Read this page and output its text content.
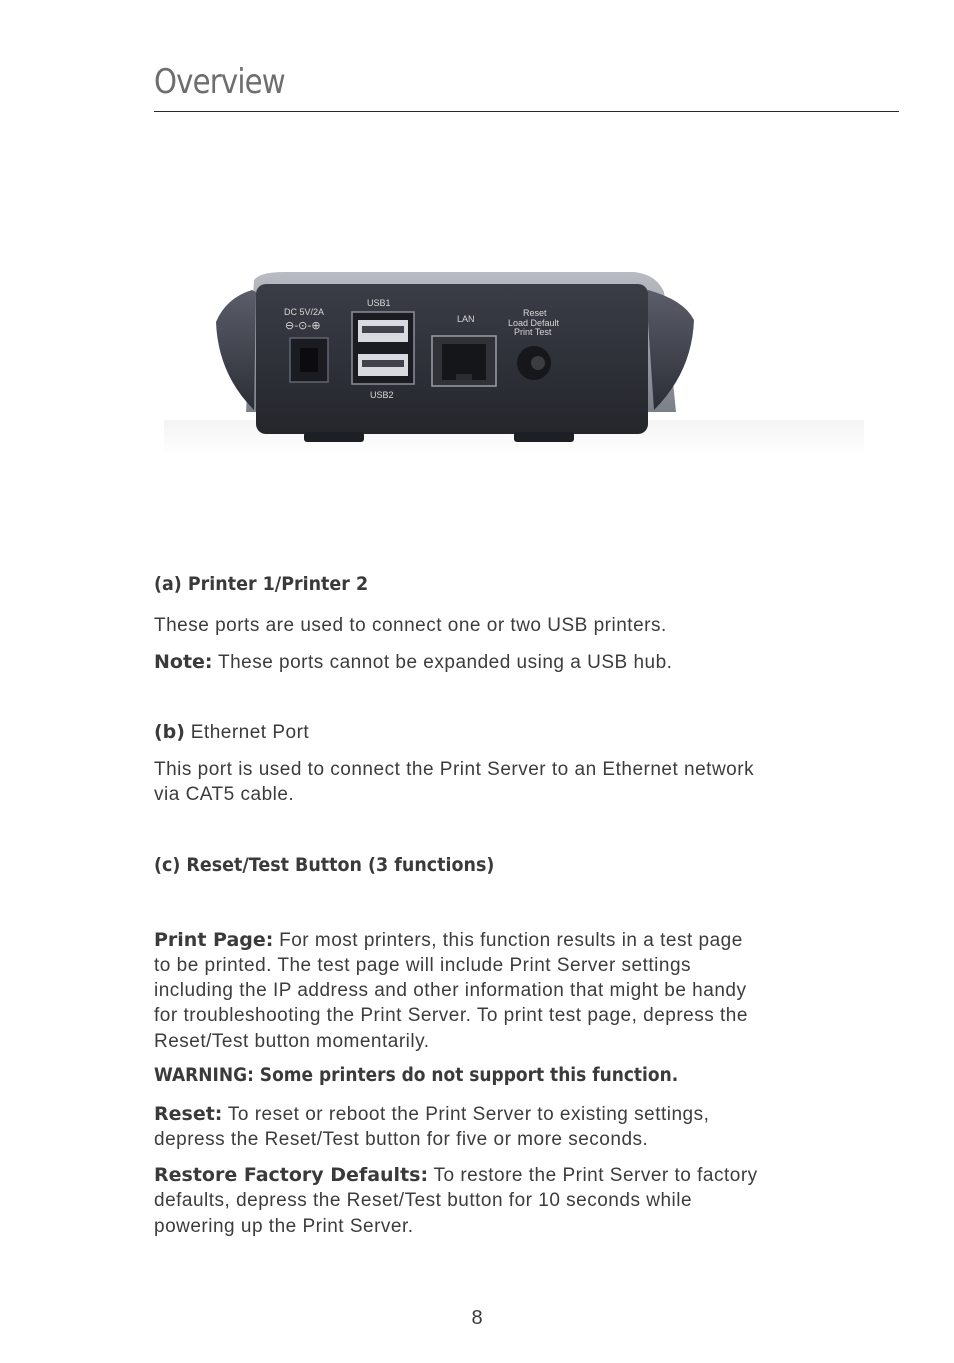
Overview
DC 5V/2A
⊖-⊙-⊕
USB1
USB2
LAN
Reset
Load Default
Print Test
(a) Printer 1/Printer 2

These ports are used to connect one or two USB printers.

Note: These ports cannot be expanded using a USB hub.

(b) Ethernet Port

This port is used to connect the Print Server to an Ethernet network

via CAT5 cable.

(c) Reset/Test Button (3 functions)

Print Page: For most printers, this function results in a test page

to be printed. The test page will include Print Server settings

including the IP address and other information that might be handy

for troubleshooting the Print Server. To print test page, depress the

Reset/Test button momentarily.

WARNING: Some printers do not support this function.

Reset: To reset or reboot the Print Server to existing settings,

depress the Reset/Test button for five or more seconds.

Restore Factory Defaults: To restore the Print Server to factory

defaults, depress the Reset/Test button for 10 seconds while

powering up the Print Server.

8
